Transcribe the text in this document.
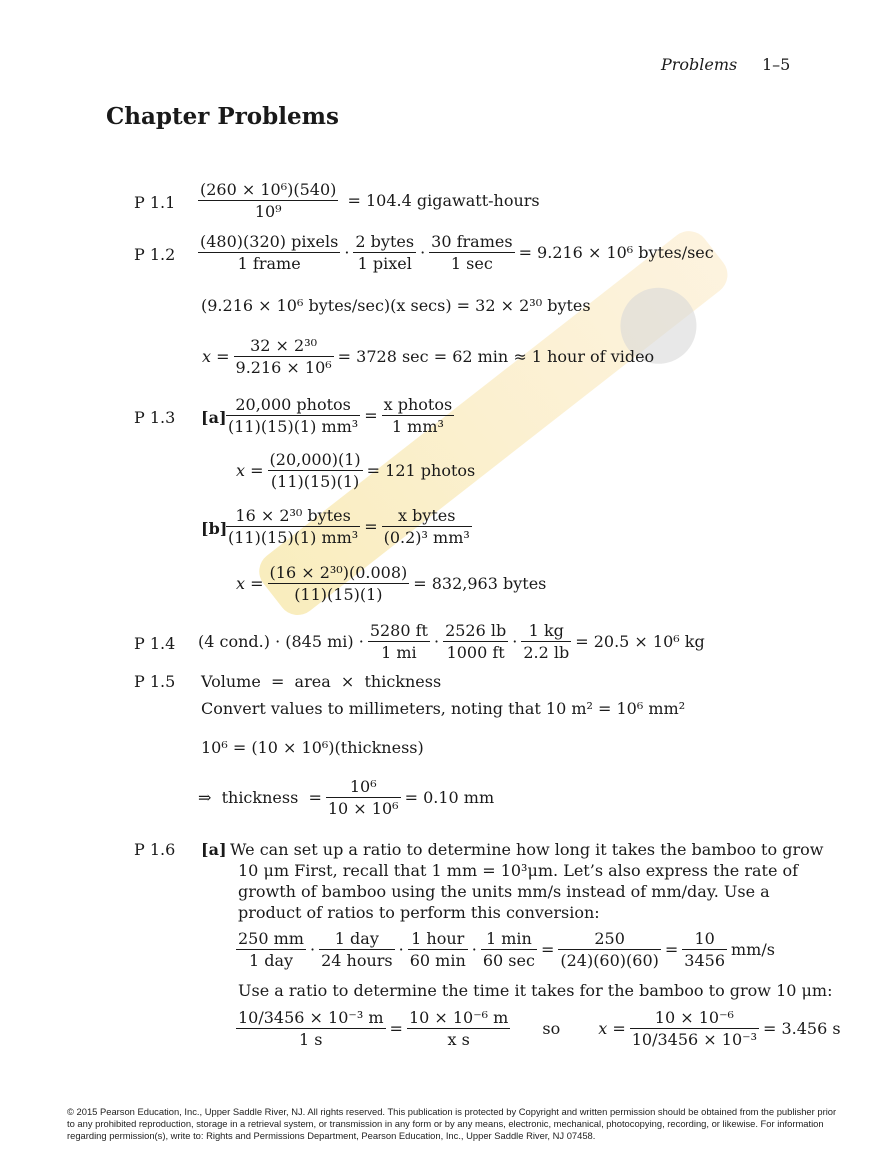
Problems 1–5
Chapter Problems
P $1.1 \frac{\text{(260 × 10⁶)(540)}}{\text{10⁹}} = 104.4$ gigawatt-hours
P $1.2 \frac{\text{(480)(320) pixels}}{\text{1 frame}} \cdot \frac{\text{2 bytes}}{\text{1 pixel}} \cdot \frac{\text{30 frames}}{1 \sec} = 9.216 \times 10^6$ bytes/sec
(9.216 × 10⁶ bytes/sec)(x secs) = 32 × 2³⁰ bytes
$x = \frac{\text{32 × 2³⁰}}{\text{9.216 × 10⁶}} = 3728$ sec = 62 min ≈ 1 hour of video
P 1.3 $[a] \frac{\text{20,000 photos}}{\text{(11)(15)(1) mm³}} = \frac{\text{x photos}}{\text{1 mm³}}$
$x = \frac{(20,000)(1)}{(11)(15)(1)} = 121$ photos
[b]
$\frac{\text{16 × 2³⁰ bytes}}{\text{(11)(15)(1) mm³}} = \frac{\text{x bytes}}{\text{(0.2)³ mm³}}$
$x = \frac{\text{(16 × 2³⁰)(0.008)}}{(11)(15)(1)} = 832,963$ bytes
P 1.4 (4 cond.) · (845 $mi) \cdot \frac{5280 ft}{1 mi} \cdot \frac{2526 lb}{1000 ft} \cdot \frac{1 kg}{2.2 lb} = 20.5 \times 10^6$ kg
P 1.5 Volume  =  area  ×  thickness
Convert values to millimeters, noting that 10 m² = 10⁶ mm²
10⁶ = (10 × 10⁶)(thickness)
⇒  thickness  = $\frac{\text{10⁶}}{\text{10 × 10⁶}} = 0.10$ mm
P 1.6 [a] We can set up a ratio to determine how long it takes the bamboo to grow
10 μm First, recall that 1 mm = 10³μm. Let’s also express the rate of
growth of bamboo using the units mm/s instead of mm/day. Use a
product of ratios to perform this conversion:
$\frac{250 mm}{\text{1 day}} \cdot \frac{\text{1 day}}{\text{24 hours}} \cdot \frac{\text{1 hour}}{60 \min} \cdot \frac{1 \min}{60 \sec} = \frac{250}{(24)(60)(60)} = \frac{10}{3456} mm/s$
Use a ratio to determine the time it takes for the bamboo to grow 10 μm:
$\frac{\text{10/3456 × 10⁻³ m}}{1 s} = \frac{\text{10 × 10⁻⁶ m}}{\text{x s}}$ so $x = \frac{\text{10 × 10⁻⁶}}{\text{10/3456 × 10⁻³}} = 3.456$ s
© 2015 Pearson Education, Inc., Upper Saddle River, NJ. All rights reserved. This publication is protected by Copyright and written permission should be obtained from the publisher prior to any prohibited reproduction, storage in a retrieval system, or transmission in any form or by any means, electronic, mechanical, photocopying, recording, or likewise. For information regarding permission(s), write to: Rights and Permissions Department, Pearson Education, Inc., Upper Saddle River, NJ 07458.
